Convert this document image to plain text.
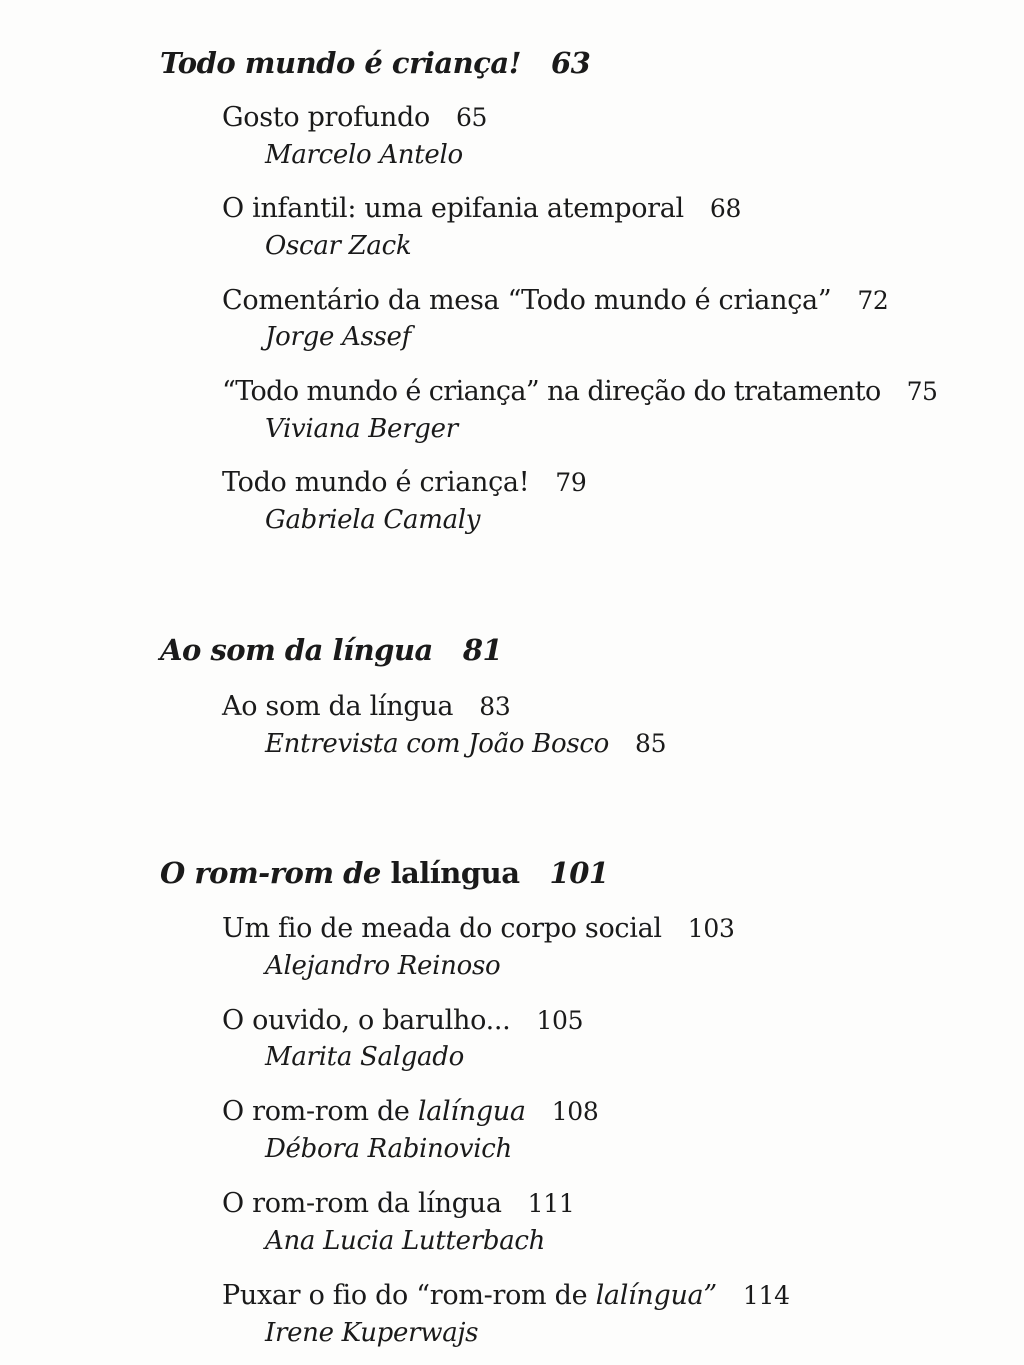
Todo mundo é criança! 63
Gosto profundo 65
Marcelo Antelo
O infantil: uma epifania atemporal 68
Oscar Zack
Comentário da mesa “Todo mundo é criança” 72
Jorge Assef
“Todo mundo é criança” na direção do tratamento 75
Viviana Berger
Todo mundo é criança! 79
Gabriela Camaly
Ao som da língua 81
Ao som da língua 83
Entrevista com João Bosco 85
O rom-rom de lalíngua 101
Um fio de meada do corpo social 103
Alejandro Reinoso
O ouvido, o barulho... 105
Marita Salgado
O rom-rom de lalíngua 108
Débora Rabinovich
O rom-rom da língua 111
Ana Lucia Lutterbach
Puxar o fio do “rom-rom de lalíngua” 114
Irene Kuperwajs
